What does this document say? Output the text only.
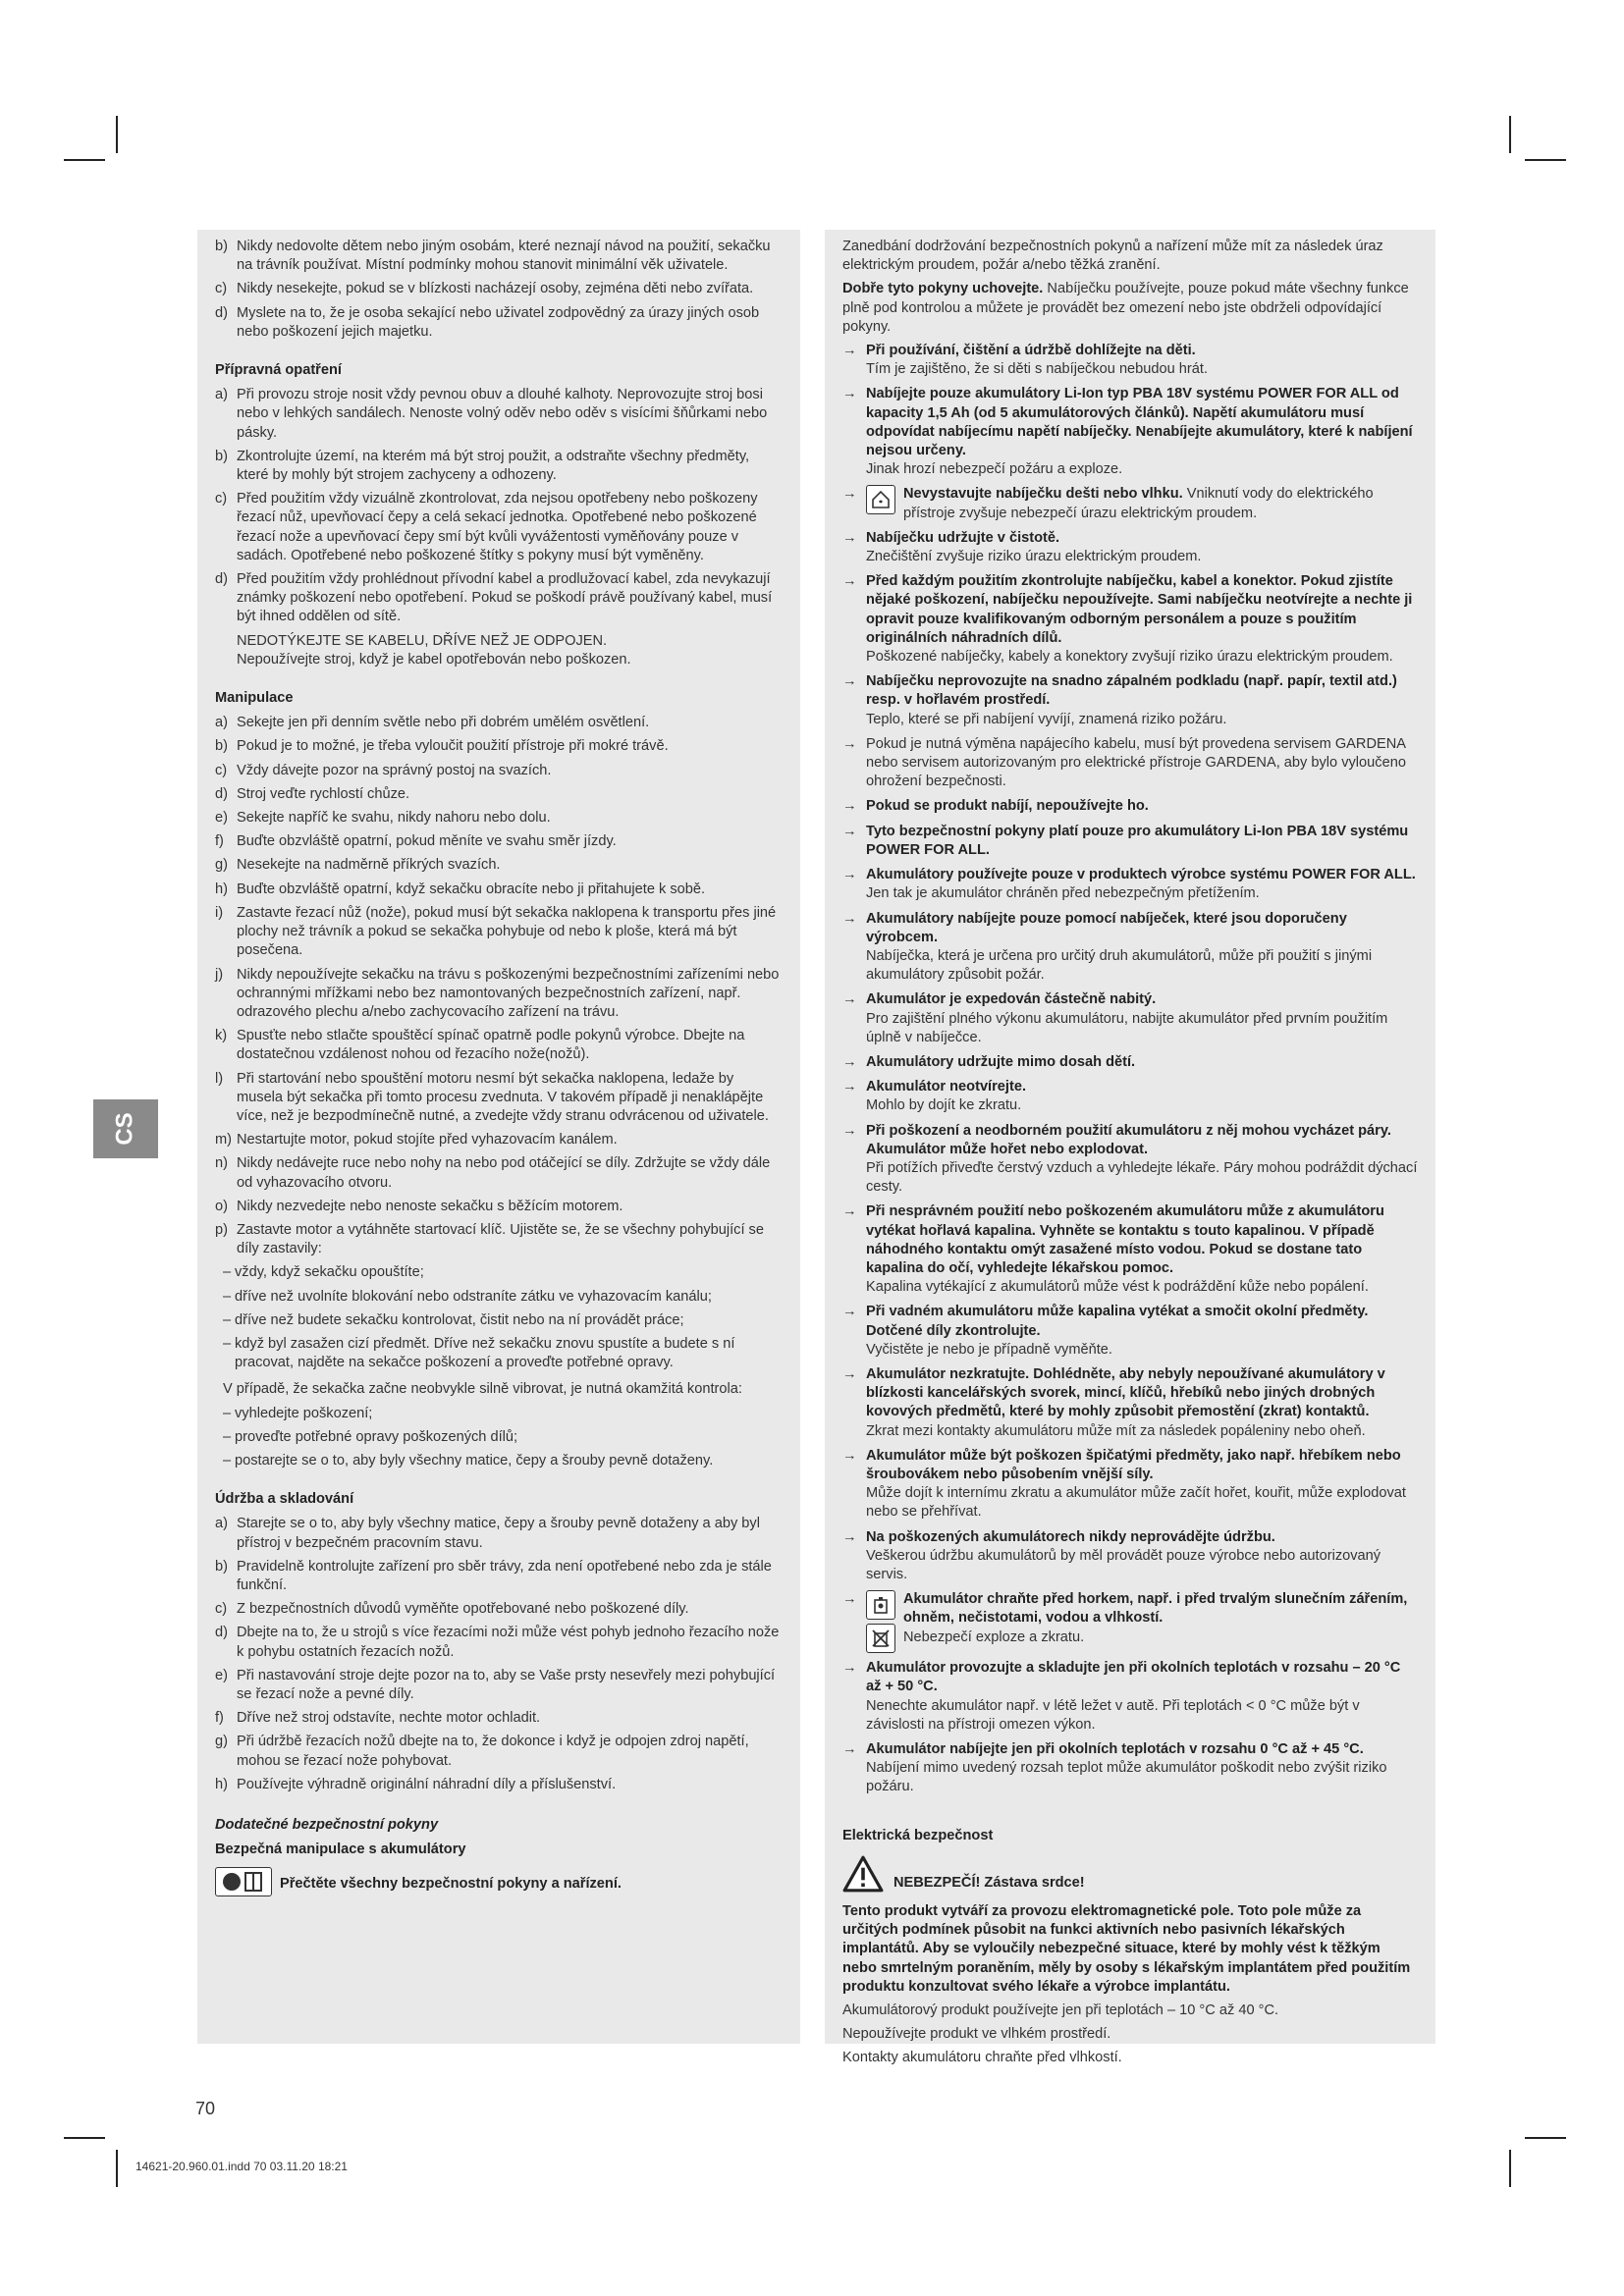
CS
b) Nikdy nedovolte dětem nebo jiným osobám, které neznají návod na použití, sekačku na trávník používat. Místní podmínky mohou stanovit minimální věk uživatele.
c) Nikdy nesekejte, pokud se v blízkosti nacházejí osoby, zejména děti nebo zvířata.
d) Myslete na to, že je osoba sekající nebo uživatel zodpovědný za úrazy jiných osob nebo poškození jejich majetku.
Přípravná opatření
a) Při provozu stroje nosit vždy pevnou obuv a dlouhé kalhoty. Neprovozujte stroj bosi nebo v lehkých sandálech. Nenoste volný oděv nebo oděv s visícími šňůrkami nebo pásky.
b) Zkontrolujte území, na kterém má být stroj použit, a odstraňte všechny předměty, které by mohly být strojem zachyceny a odhozeny.
c) Před použitím vždy vizuálně zkontrolovat, zda nejsou opotřebeny nebo poškozeny řezací nůž, upevňovací čepy a celá sekací jednotka. Opotřebené nebo poškozené řezací nože a upevňovací čepy smí být kvůli vyvážentosti vyměňovány pouze v sadách. Opotřebené nebo poškozené štítky s pokyny musí být vyměněny.
d) Před použitím vždy prohlédnout přívodní kabel a prodlužovací kabel, zda nevykazují známky poškození nebo opotřebení. Pokud se poškodí právě používaný kabel, musí být ihned oddělen od sítě.
NEDOTÝKEJTE SE KABELU, DŘÍVE NEŽ JE ODPOJEN.
Nepoužívejte stroj, když je kabel opotřebován nebo poškozen.
Manipulace
a) Sekejte jen při denním světle nebo při dobrém umělém osvětlení.
b) Pokud je to možné, je třeba vyloučit použití přístroje při mokré trávě.
c) Vždy dávejte pozor na správný postoj na svazích.
d) Stroj veďte rychlostí chůze.
e) Sekejte napříč ke svahu, nikdy nahoru nebo dolu.
f) Buďte obzvláště opatrní, pokud měníte ve svahu směr jízdy.
g) Nesekejte na nadměrně příkrých svazích.
h) Buďte obzvláště opatrní, když sekačku obracíte nebo ji přitahujete k sobě.
i) Zastavte řezací nůž (nože), pokud musí být sekačka naklopena k transportu přes jiné plochy než trávník a pokud se sekačka pohybuje od nebo k ploše, která má být posečena.
j) Nikdy nepoužívejte sekačku na trávu s poškozenými bezpečnostními zařízeními nebo ochrannými mřížkami nebo bez namontovaných bezpečnostních zařízení, např. odrazového plechu a/nebo zachycovacího zařízení na trávu.
k) Spusťte nebo stlačte spouštěcí spínač opatrně podle pokynů výrobce. Dbejte na dostatečnou vzdálenost nohou od řezacího nože(nožů).
l) Při startování nebo spouštění motoru nesmí být sekačka naklopena, ledaže by musela být sekačka při tomto procesu zvednuta. V takovém případě ji nenaklápějte více, než je bezpodmínečně nutné, a zvedejte vždy stranu odvrácenou od uživatele.
m) Nestartujte motor, pokud stojíte před vyhazovacím kanálem.
n) Nikdy nedávejte ruce nebo nohy na nebo pod otáčející se díly. Zdržujte se vždy dále od vyhazovacího otvoru.
o) Nikdy nezvedejte nebo nenoste sekačku s běžícím motorem.
p) Zastavte motor a vytáhněte startovací klíč. Ujistěte se, že se všechny pohybující se díly zastavily:
– vždy, když sekačku opouštíte;
– dříve než uvolníte blokování nebo odstraníte zátku ve vyhazovacím kanálu;
– dříve než budete sekačku kontrolovat, čistit nebo na ní provádět práce;
– když byl zasažen cizí předmět. Dříve než sekačku znovu spustíte a budete s ní pracovat, najděte na sekačce poškození a proveďte potřebné opravy.
V případě, že sekačka začne neobvykle silně vibrovat, je nutná okamžitá kontrola:
– vyhledejte poškození;
– proveďte potřebné opravy poškozených dílů;
– postarejte se o to, aby byly všechny matice, čepy a šrouby pevně dotaženy.
Údržba a skladování
a) Starejte se o to, aby byly všechny matice, čepy a šrouby pevně dotaženy a aby byl přístroj v bezpečném pracovním stavu.
b) Pravidelně kontrolujte zařízení pro sběr trávy, zda není opotřebené nebo zda je stále funkční.
c) Z bezpečnostních důvodů vyměňte opotřebované nebo poškozené díly.
d) Dbejte na to, že u strojů s více řezacími noži může vést pohyb jednoho řezacího nože k pohybu ostatních řezacích nožů.
e) Při nastavování stroje dejte pozor na to, aby se Vaše prsty nesevřely mezi pohybující se řezací nože a pevné díly.
f) Dříve než stroj odstavíte, nechte motor ochladit.
g) Při údržbě řezacích nožů dbejte na to, že dokonce i když je odpojen zdroj napětí, mohou se řezací nože pohybovat.
h) Používejte výhradně originální náhradní díly a příslušenství.
Dodatečné bezpečnostní pokyny
Bezpečná manipulace s akumulátory
Přečtěte všechny bezpečnostní pokyny a nařízení.
Zanedbání dodržování bezpečnostních pokynů a nařízení může mít za následek úraz elektrickým proudem, požár a/nebo těžká zranění.
Dobře tyto pokyny uchovejte. Nabíječku používejte, pouze pokud máte všechny funkce plně pod kontrolou a můžete je provádět bez omezení nebo jste obdrželi odpovídající pokyny.
→ Při používání, čištění a údržbě dohlížejte na děti.
Tím je zajištěno, že si děti s nabíječkou nebudou hrát.
→ Nabíjejte pouze akumulátory Li-Ion typ PBA 18V systému POWER FOR ALL od kapacity 1,5 Ah (od 5 akumulátorových článků). Napětí akumulátoru musí odpovídat nabíjecímu napětí nabíječky. Nenabíjejte akumulátory, které k nabíjení nejsou určeny.
Jinak hrozí nebezpečí požáru a exploze.
→	Nevystavujte nabíječku dešti nebo vlhku. Vniknutí vody do elektrického přístroje zvyšuje nebezpečí úrazu elektrickým proudem.
→ Nabíječku udržujte v čistotě.
Znečištění zvyšuje riziko úrazu elektrickým proudem.
→ Před každým použitím zkontrolujte nabíječku, kabel a konektor. Pokud zjistíte nějaké poškození, nabíječku nepoužívejte. Sami nabíječku neotvírejte a nechte ji opravit pouze kvalifikovaným odborným personálem a pouze s použitím originálních náhradních dílů.
Poškozené nabíječky, kabely a konektory zvyšují riziko úrazu elektrickým proudem.
→ Nabíječku neprovozujte na snadno zápalném podkladu (např. papír, textil atd.) resp. v hořlavém prostředí.
Teplo, které se při nabíjení vyvíjí, znamená riziko požáru.
→ Pokud je nutná výměna napájecího kabelu, musí být provedena servisem GARDENA nebo servisem autorizovaným pro elektrické přístroje GARDENA, aby bylo vyloučeno ohrožení bezpečnosti.
→ Pokud se produkt nabíjí, nepoužívejte ho.
→ Tyto bezpečnostní pokyny platí pouze pro akumulátory Li-Ion PBA 18V systému POWER FOR ALL.
→ Akumulátory používejte pouze v produktech výrobce systému POWER FOR ALL.
Jen tak je akumulátor chráněn před nebezpečným přetížením.
→ Akumulátory nabíjejte pouze pomocí nabíječek, které jsou doporučeny výrobcem.
Nabíječka, která je určena pro určitý druh akumulátorů, může při použití s jinými akumulátory způsobit požár.
→ Akumulátor je expedován částečně nabitý.
Pro zajištění plného výkonu akumulátoru, nabijte akumulátor před prvním použitím úplně v nabíječce.
→ Akumulátory udržujte mimo dosah dětí.
→ Akumulátor neotvírejte.
Mohlo by dojít ke zkratu.
→ Při poškození a neodborném použití akumulátoru z něj mohou vycházet páry. Akumulátor může hořet nebo explodovat.
Při potížích přiveďte čerstvý vzduch a vyhledejte lékaře. Páry mohou podráždit dýchací cesty.
→ Při nesprávném použití nebo poškozeném akumulátoru může z akumulátoru vytékat hořlavá kapalina. Vyhněte se kontaktu s touto kapalinou. V případě náhodného kontaktu omýt zasažené místo vodou. Pokud se dostane tato kapalina do očí, vyhledejte lékařskou pomoc.
Kapalina vytékající z akumulátorů může vést k podráždění kůže nebo popálení.
→ Při vadném akumulátoru může kapalina vytékat a smočit okolní předměty. Dotčené díly zkontrolujte.
Vyčistěte je nebo je případně vyměňte.
→ Akumulátor nezkratujte. Dohlédněte, aby nebyly nepoužívané akumulátory v blízkosti kancelářských svorek, mincí, klíčů, hřebíků nebo jiných drobných kovových předmětů, které by mohly způsobit přemostění (zkrat) kontaktů.
Zkrat mezi kontakty akumulátoru může mít za následek popáleniny nebo oheň.
→ Akumulátor může být poškozen špičatými předměty, jako např. hřebíkem nebo šroubovákem nebo působením vnější síly.
Může dojít k internímu zkratu a akumulátor může začít hořet, kouřit, může explodovat nebo se přehřívat.
→ Na poškozených akumulátorech nikdy neprovádějte údržbu.
Veškerou údržbu akumulátorů by měl provádět pouze výrobce nebo autorizovaný servis.
→	Akumulátor chraňte před horkem, např. i před trvalým slunečním zářením, ohněm, nečistotami, vodou a vlhkostí.
Nebezpečí exploze a zkratu.
→ Akumulátor provozujte a skladujte jen při okolních teplotách v rozsahu – 20 °C až + 50 °C.
Nenechte akumulátor např. v létě ležet v autě. Při teplotách < 0 °C může být v závislosti na přístroji omezen výkon.
→ Akumulátor nabíjejte jen při okolních teplotách v rozsahu 0 °C až + 45 °C.
Nabíjení mimo uvedený rozsah teplot může akumulátor poškodit nebo zvýšit riziko požáru.
Elektrická bezpečnost
NEBEZPEČÍ! Zástava srdce!
Tento produkt vytváří za provozu elektromagnetické pole. Toto pole může za určitých podmínek působit na funkci aktivních nebo pasivních lékařských implantátů. Aby se vyloučily nebezpečné situace, které by mohly vést k těžkým nebo smrtelným poraněním, měly by osoby s lékařským implantátem před použitím produktu konzultovat svého lékaře a výrobce implantátu.
Akumulátorový produkt používejte jen při teplotách – 10 °C až 40 °C.
Nepoužívejte produkt ve vlhkém prostředí.
Kontakty akumulátoru chraňte před vlhkostí.
70
14621-20.960.01.indd 70 03.11.20 18:21
